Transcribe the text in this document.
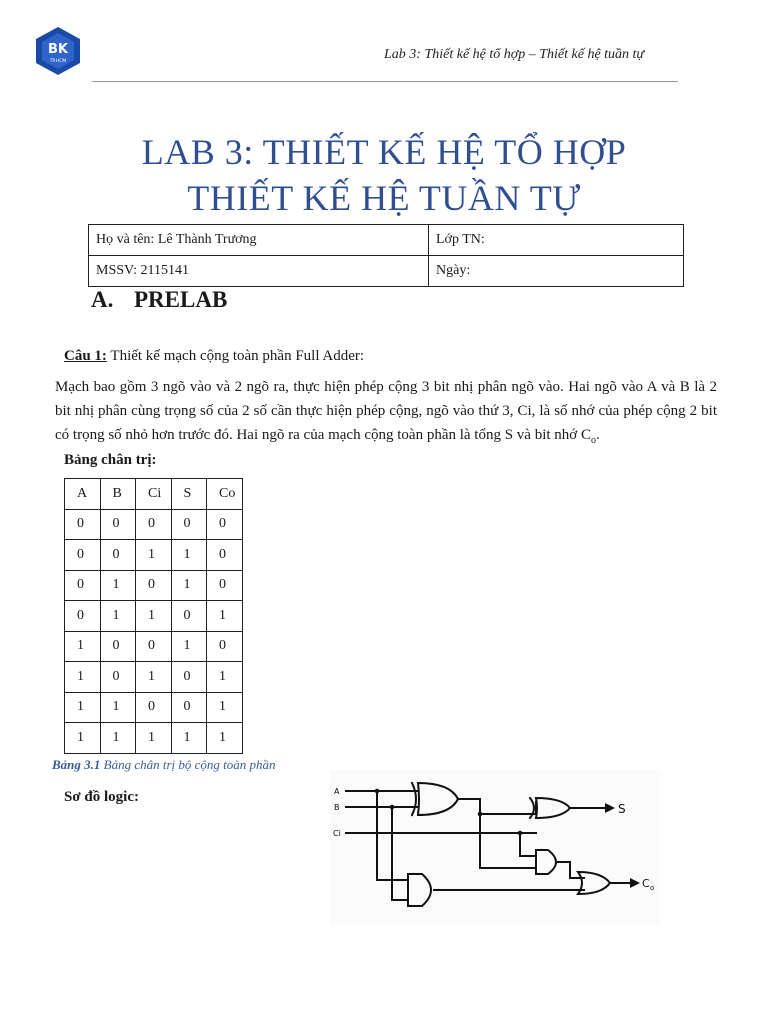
BK
TP.HCM	Lab 3: Thiết kế hệ tổ hợp – Thiết kế hệ tuần tự
LAB 3: THIẾT KẾ HỆ TỔ HỢP
THIẾT KẾ HỆ TUẦN TỰ
Họ và tên: Lê Thành Trương	Lớp TN:
MSSV: 2115141	Ngày:
A. PRELAB
Câu 1: Thiết kế mạch cộng toàn phần Full Adder:
Mạch bao gồm 3 ngõ vào và 2 ngõ ra, thực hiện phép cộng 3 bit nhị phân ngõ vào. Hai ngõ vào A và B là 2 bit nhị phân cùng trọng số của 2 số cần thực hiện phép cộng, ngõ vào thứ 3, Ci, là số nhớ của phép cộng 2 bit có trọng số nhỏ hơn trước đó. Hai ngõ ra của mạch cộng toàn phần là tổng S và bit nhớ $C_o$.
Bảng chân trị:
A	B	Ci	S	Co
0	0	0	0	0
0	0	1	1	0
0	1	0	1	0
0	1	1	0	1
1	0	0	1	0
1	0	1	0	1
1	1	0	0	1
1	1	1	1	1
Bảng 3.1 Bảng chân trị bộ cộng toàn phần
Sơ đồ logic:	A
B
Ci
S
C o
